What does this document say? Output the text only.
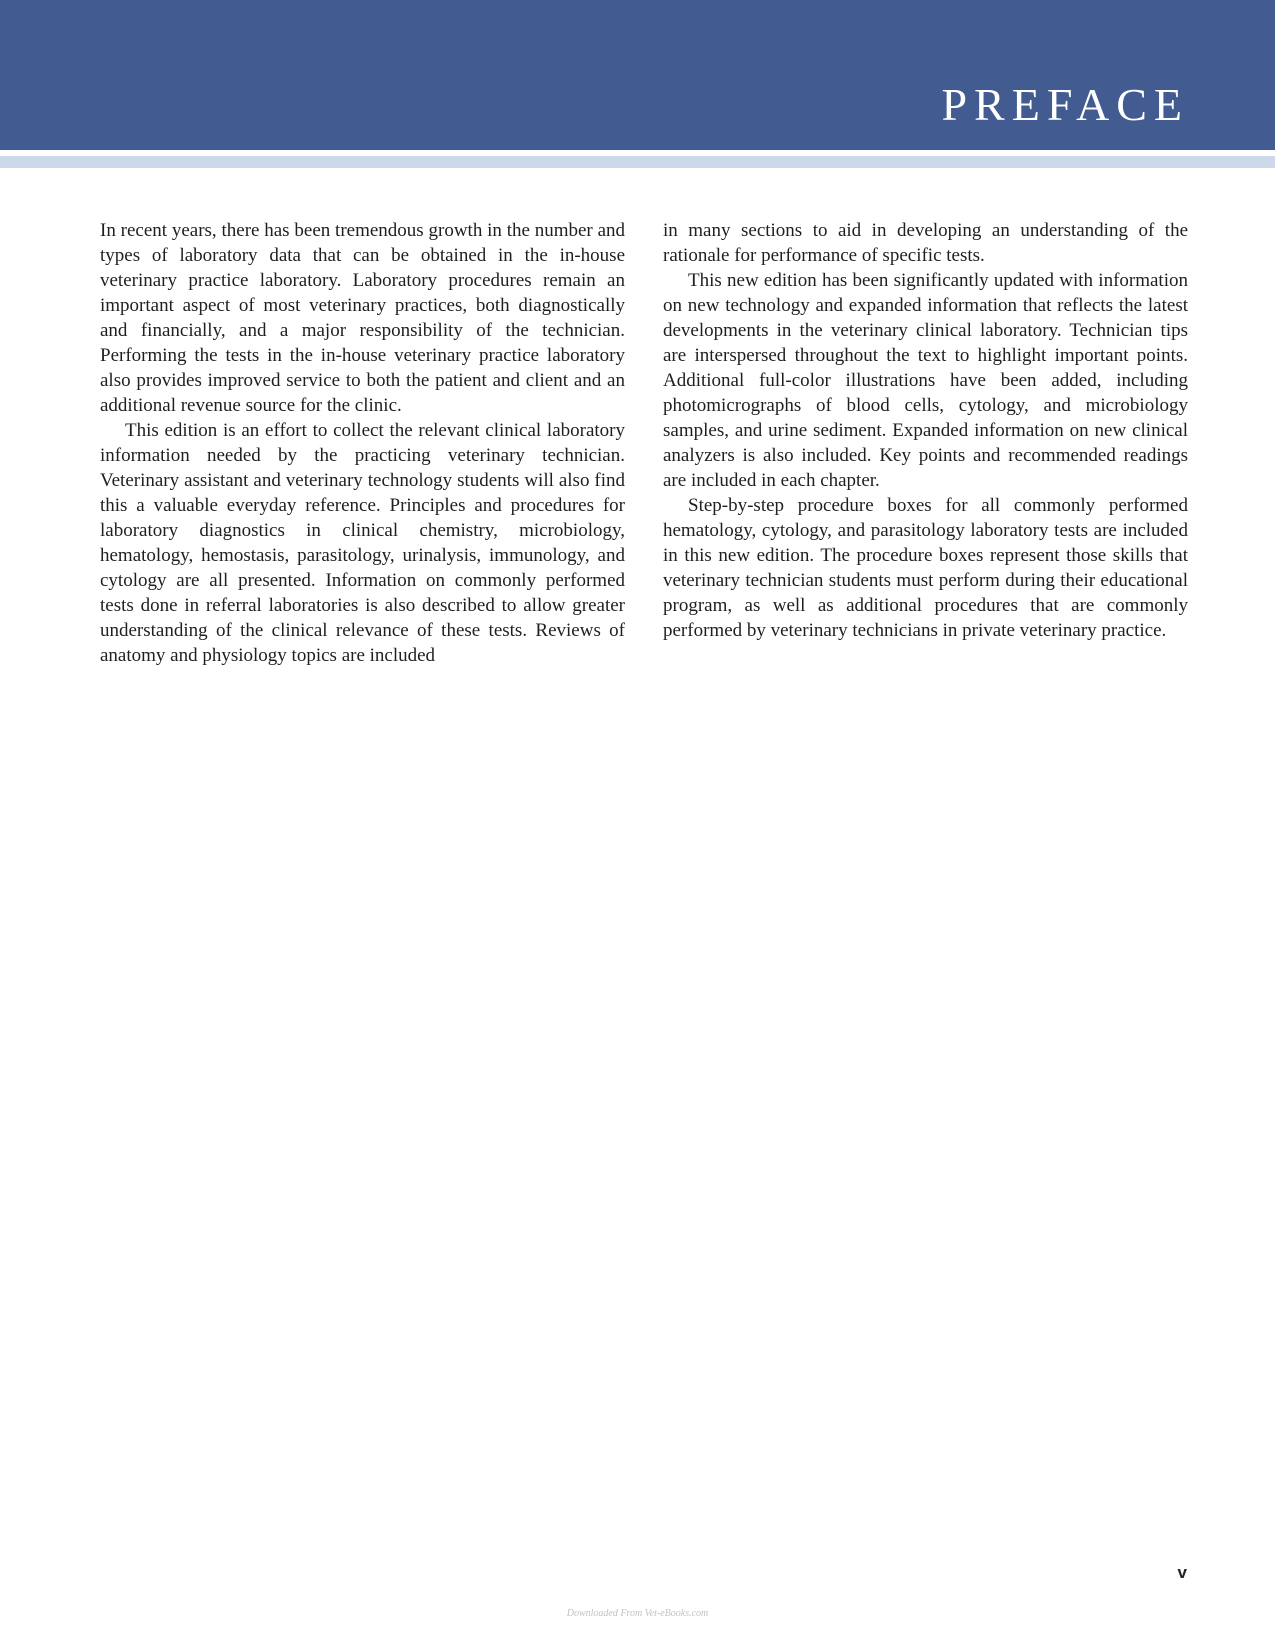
PREFACE

In recent years, there has been tremendous growth in the number and types of laboratory data that can be obtained in the in-house veterinary practice laboratory. Laboratory procedures remain an important aspect of most veterinary practices, both diagnostically and financially, and a major responsibility of the technician. Performing the tests in the in-house veterinary practice laboratory also provides improved service to both the patient and client and an additional revenue source for the clinic.

This edition is an effort to collect the relevant clinical laboratory information needed by the practicing veterinary technician. Veterinary assistant and veterinary technology students will also find this a valuable everyday reference. Principles and procedures for laboratory diagnostics in clinical chemistry, microbiology, hematology, hemostasis, parasitology, urinalysis, immunology, and cytology are all presented. Information on commonly performed tests done in referral laboratories is also described to allow greater understanding of the clinical relevance of these tests. Reviews of anatomy and physiology topics are included

in many sections to aid in developing an understanding of the rationale for performance of specific tests.

This new edition has been significantly updated with information on new technology and expanded information that reflects the latest developments in the veterinary clinical laboratory. Technician tips are interspersed throughout the text to highlight important points. Additional full-color illustrations have been added, including photomicrographs of blood cells, cytology, and microbiology samples, and urine sediment. Expanded information on new clinical analyzers is also included. Key points and recommended readings are included in each chapter.

Step-by-step procedure boxes for all commonly performed hematology, cytology, and parasitology laboratory tests are included in this new edition. The procedure boxes represent those skills that veterinary technician students must perform during their educational program, as well as additional procedures that are commonly performed by veterinary technicians in private veterinary practice.

v
Downloaded From Vet-eBooks.com
